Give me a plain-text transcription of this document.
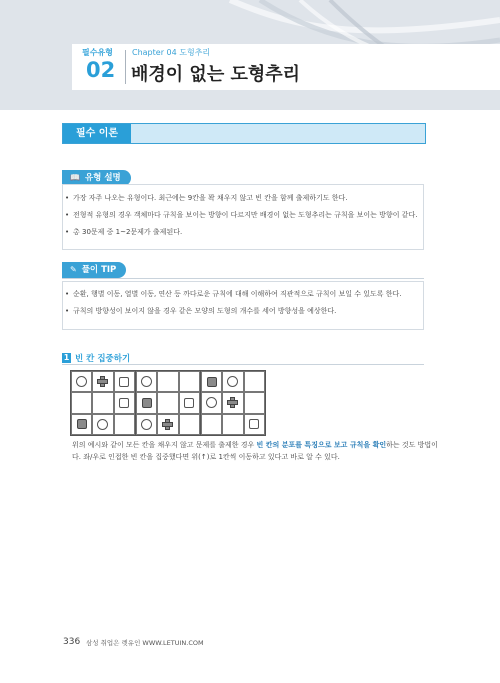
필수유형
02
Chapter 04 도형추리
배경이 없는 도형추리
필수 이론
📖 유형 설명
• 가장 자주 나오는 유형이다. 최근에는 9칸을 꽉 채우지 않고 빈 칸을 함께 출제하기도 한다.
• 전형적 유형의 경우 객체마다 규칙을 보이는 방향이 다르지만 배경이 없는 도형추리는 규칙을 보이는 방향이 같다.
• 총 30문제 중 1~2문제가 출제된다.
✎ 풀이 TIP
• 순환, 행별 이동, 열별 이동, 연산 등 까다로운 규칙에 대해 이해하여 직관적으로 규칙이 보일 수 있도록 한다.
• 규칙의 방향성이 보이지 않을 경우 같은 모양의 도형의 개수를 세어 방향성을 예상한다.
1 빈 칸 집중하기
위의 예시와 같이 모든 칸을 채우지 않고 문제를 출제한 경우 빈 칸의 분포를 특징으로 보고 규칙을 확인하는 것도 방법이다. 좌/우로 인접한 빈 칸을 집중했다면 위(↑)로 1칸씩 이동하고 있다고 바로 알 수 있다.
336 삼성 취업은 렛유인 WWW.LETUIN.COM
